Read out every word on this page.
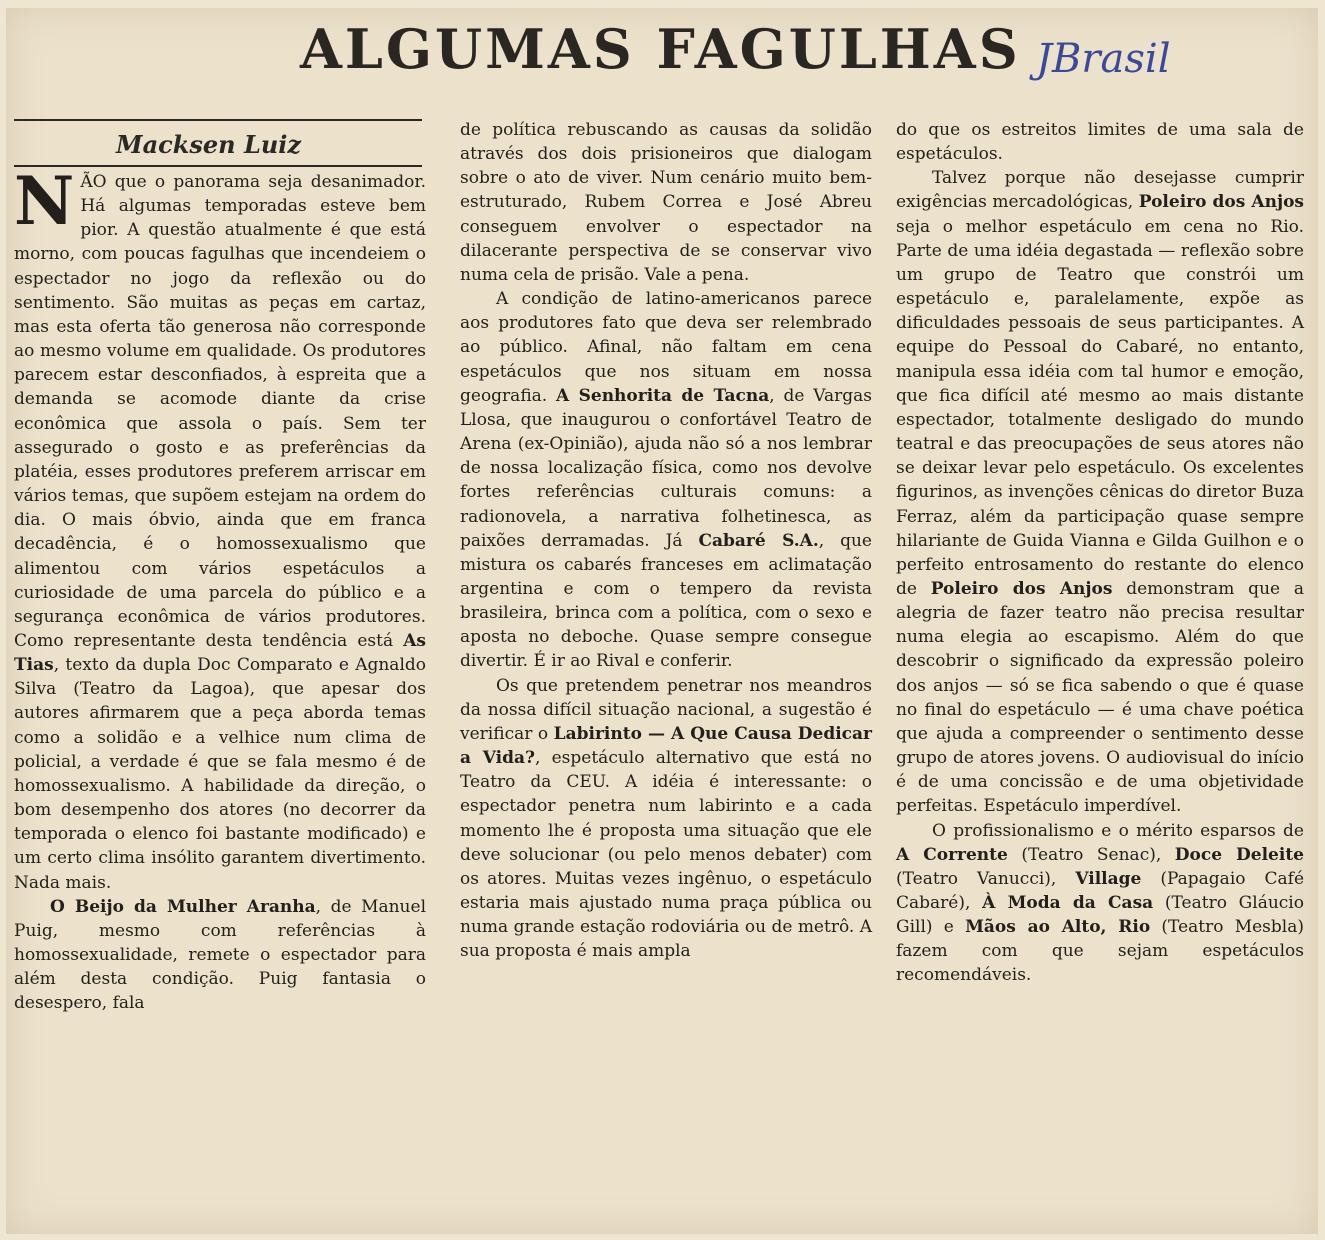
ALGUMAS FAGULHAS JBrasil
Macksen Luiz

NÃO que o panorama seja desanimador. Há algumas temporadas esteve bem pior. A questão atualmente é que está morno, com poucas fagulhas que incendeiem o espectador no jogo da reflexão ou do sentimento. São muitas as peças em cartaz, mas esta oferta tão generosa não corresponde ao mesmo volume em qualidade. Os produtores parecem estar desconfiados, à espreita que a demanda se acomode diante da crise econômica que assola o país. Sem ter assegurado o gosto e as preferências da platéia, esses produtores preferem arriscar em vários temas, que supõem estejam na ordem do dia. O mais óbvio, ainda que em franca decadência, é o homossexualismo que alimentou com vários espetáculos a curiosidade de uma parcela do público e a segurança econômica de vários produtores. Como representante desta tendência está As Tias, texto da dupla Doc Comparato e Agnaldo Silva (Teatro da Lagoa), que apesar dos autores afirmarem que a peça aborda temas como a solidão e a velhice num clima de policial, a verdade é que se fala mesmo é de homossexualismo. A habilidade da direção, o bom desempenho dos atores (no decorrer da temporada o elenco foi bastante modificado) e um certo clima insólito garantem divertimento. Nada mais.

O Beijo da Mulher Aranha, de Manuel Puig, mesmo com referências à homossexualidade, remete o espectador para além desta condição. Puig fantasia o desespero, fala

de política rebuscando as causas da solidão através dos dois prisioneiros que dialogam sobre o ato de viver. Num cenário muito bem-estruturado, Rubem Correa e José Abreu conseguem envolver o espectador na dilacerante perspectiva de se conservar vivo numa cela de prisão. Vale a pena.

A condição de latino-americanos parece aos produtores fato que deva ser relembrado ao público. Afinal, não faltam em cena espetáculos que nos situam em nossa geografia. A Senhorita de Tacna, de Vargas Llosa, que inaugurou o confortável Teatro de Arena (ex-Opinião), ajuda não só a nos lembrar de nossa localização física, como nos devolve fortes referências culturais comuns: a radionovela, a narrativa folhetinesca, as paixões derramadas. Já Cabaré S.A., que mistura os cabarés franceses em aclimatação argentina e com o tempero da revista brasileira, brinca com a política, com o sexo e aposta no deboche. Quase sempre consegue divertir. É ir ao Rival e conferir.

Os que pretendem penetrar nos meandros da nossa difícil situação nacional, a sugestão é verificar o Labirinto — A Que Causa Dedicar a Vida?, espetáculo alternativo que está no Teatro da CEU. A idéia é interessante: o espectador penetra num labirinto e a cada momento lhe é proposta uma situação que ele deve solucionar (ou pelo menos debater) com os atores. Muitas vezes ingênuo, o espetáculo estaria mais ajustado numa praça pública ou numa grande estação rodoviária ou de metrô. A sua proposta é mais ampla

do que os estreitos limites de uma sala de espetáculos.

Talvez porque não desejasse cumprir exigências mercadológicas, Poleiro dos Anjos seja o melhor espetáculo em cena no Rio. Parte de uma idéia degastada — reflexão sobre um grupo de Teatro que constrói um espetáculo e, paralelamente, expõe as dificuldades pessoais de seus participantes. A equipe do Pessoal do Cabaré, no entanto, manipula essa idéia com tal humor e emoção, que fica difícil até mesmo ao mais distante espectador, totalmente desligado do mundo teatral e das preocupações de seus atores não se deixar levar pelo espetáculo. Os excelentes figurinos, as invenções cênicas do diretor Buza Ferraz, além da participação quase sempre hilariante de Guida Vianna e Gilda Guilhon e o perfeito entrosamento do restante do elenco de Poleiro dos Anjos demonstram que a alegria de fazer teatro não precisa resultar numa elegia ao escapismo. Além do que descobrir o significado da expressão poleiro dos anjos — só se fica sabendo o que é quase no final do espetáculo — é uma chave poética que ajuda a compreender o sentimento desse grupo de atores jovens. O audiovisual do início é de uma concissão e de uma objetividade perfeitas. Espetáculo imperdível.

O profissionalismo e o mérito esparsos de A Corrente (Teatro Senac), Doce Deleite (Teatro Vanucci), Village (Papagaio Café Cabaré), À Moda da Casa (Teatro Gláucio Gill) e Mãos ao Alto, Rio (Teatro Mesbla) fazem com que sejam espetáculos recomendáveis.
